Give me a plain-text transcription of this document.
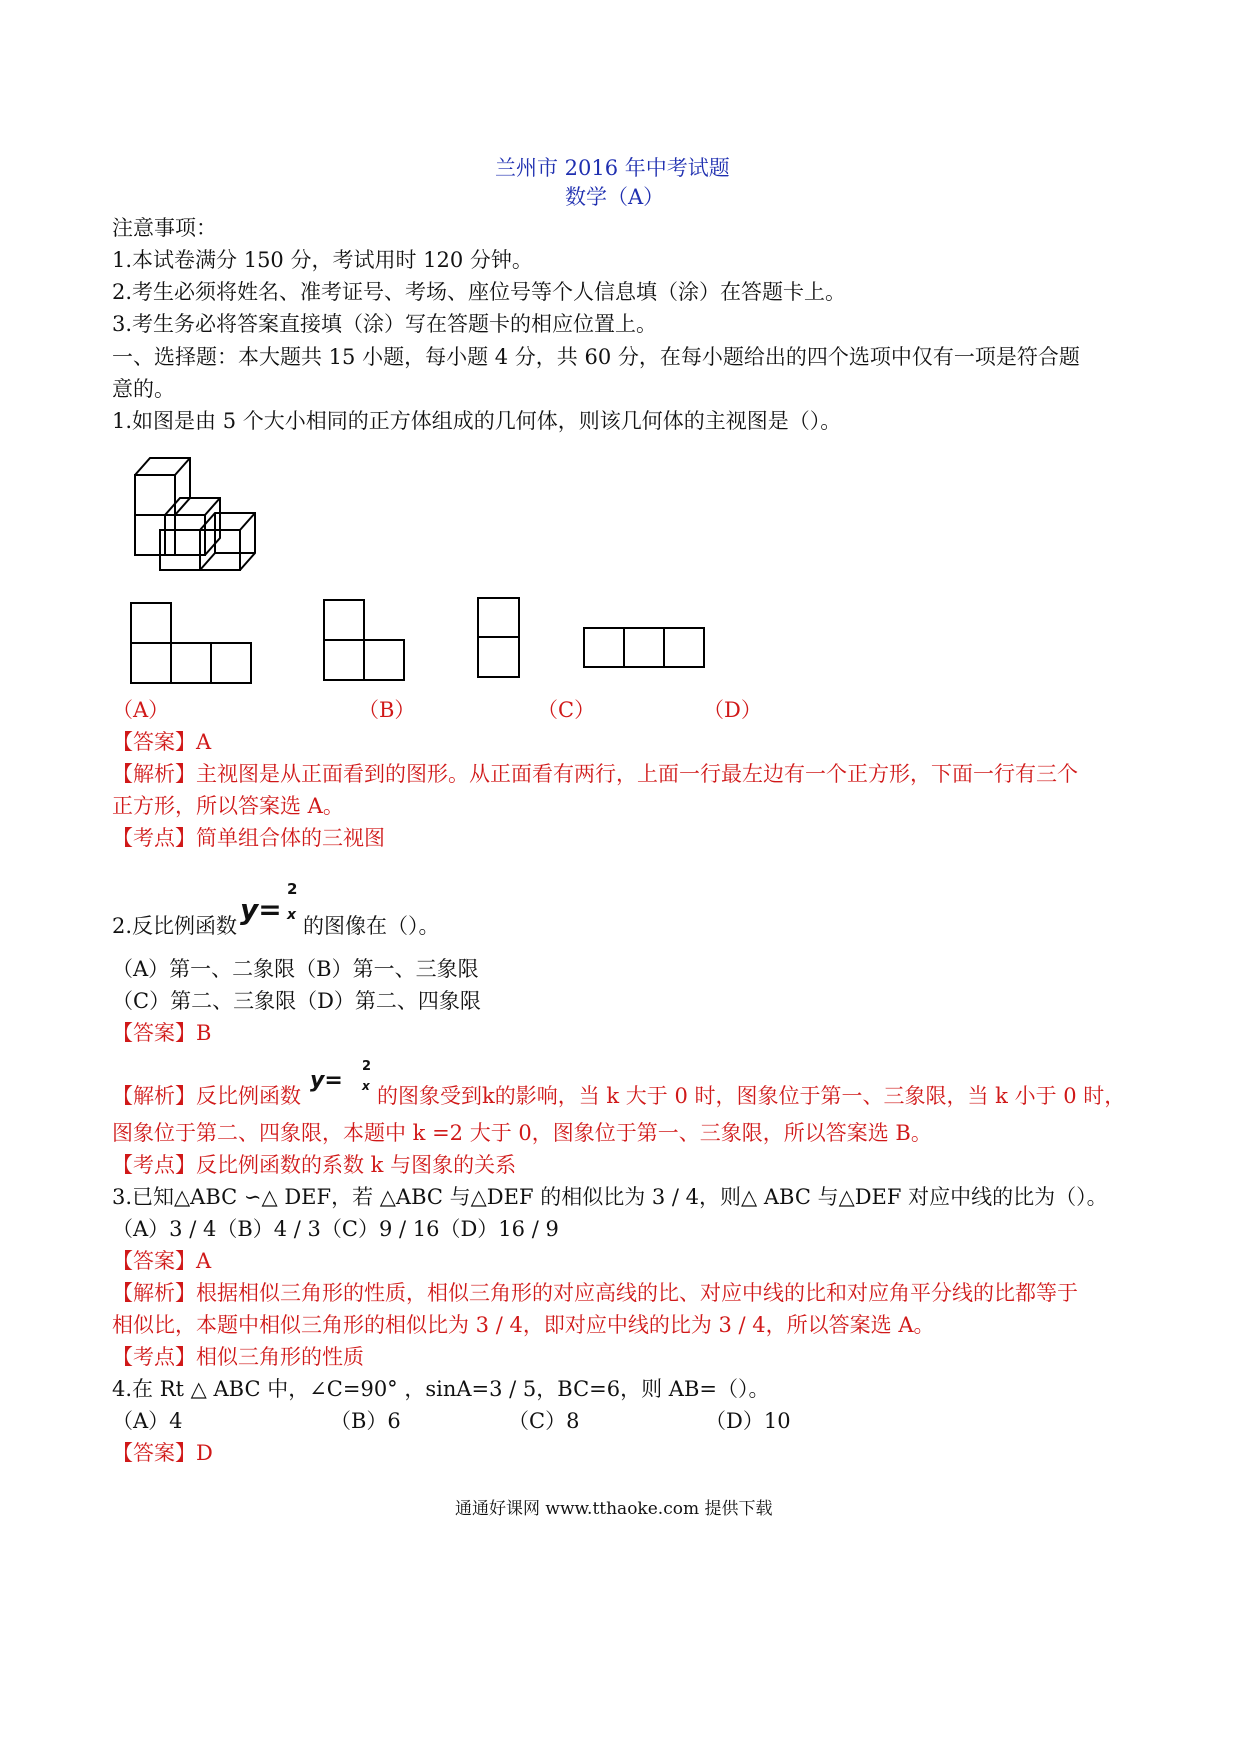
兰州市 2016 年中考试题
数学（A）
注意事项：
1.本试卷满分 150 分，考试用时 120 分钟。
2.考生必须将姓名、准考证号、考场、座位号等个人信息填（涂）在答题卡上。
3.考生务必将答案直接填（涂）写在答题卡的相应位置上。
一、选择题：本大题共 15 小题，每小题 4 分，共 60 分，在每小题给出的四个选项中仅有一项是符合题
意的。
1.如图是由 5 个大小相同的正方体组成的几何体，则该几何体的主视图是（）。
（A）	（B）	（C）	（D）
【答案】A
【解析】主视图是从正面看到的图形。从正面看有两行，上面一行最左边有一个正方形，下面一行有三个
正方形，所以答案选 A。
【考点】简单组合体的三视图
2.反比例函数 y=
2
x 的图像在（）。
（A）第一、二象限（B）第一、三象限
（C）第二、三象限（D）第二、四象限
【答案】B
【解析】反比例函数
y=
2
x 的图象受到k的影响，当 k 大于 0 时，图象位于第一、三象限，当 k 小于 0 时，
图象位于第二、四象限，本题中 k =2 大于 0，图象位于第一、三象限，所以答案选 B。
【考点】反比例函数的系数 k 与图象的关系
3.已知△ABC ∽△ DEF，若 △ABC 与△DEF 的相似比为 3 / 4，则△ ABC 与△DEF 对应中线的比为（）。
（A）3 / 4（B）4 / 3（C）9 / 16（D）16 / 9
【答案】A
【解析】根据相似三角形的性质，相似三角形的对应高线的比、对应中线的比和对应角平分线的比都等于
相似比，本题中相似三角形的相似比为 3 / 4，即对应中线的比为 3 / 4，所以答案选 A。
【考点】相似三角形的性质
4.在 Rt △ ABC 中，∠C=90° ，sinA=3 / 5，BC=6，则 AB=（）。
（A）4	（B）6	（C）8	（D）10
【答案】D
通通好课网 www.tthaoke.com 提供下载
